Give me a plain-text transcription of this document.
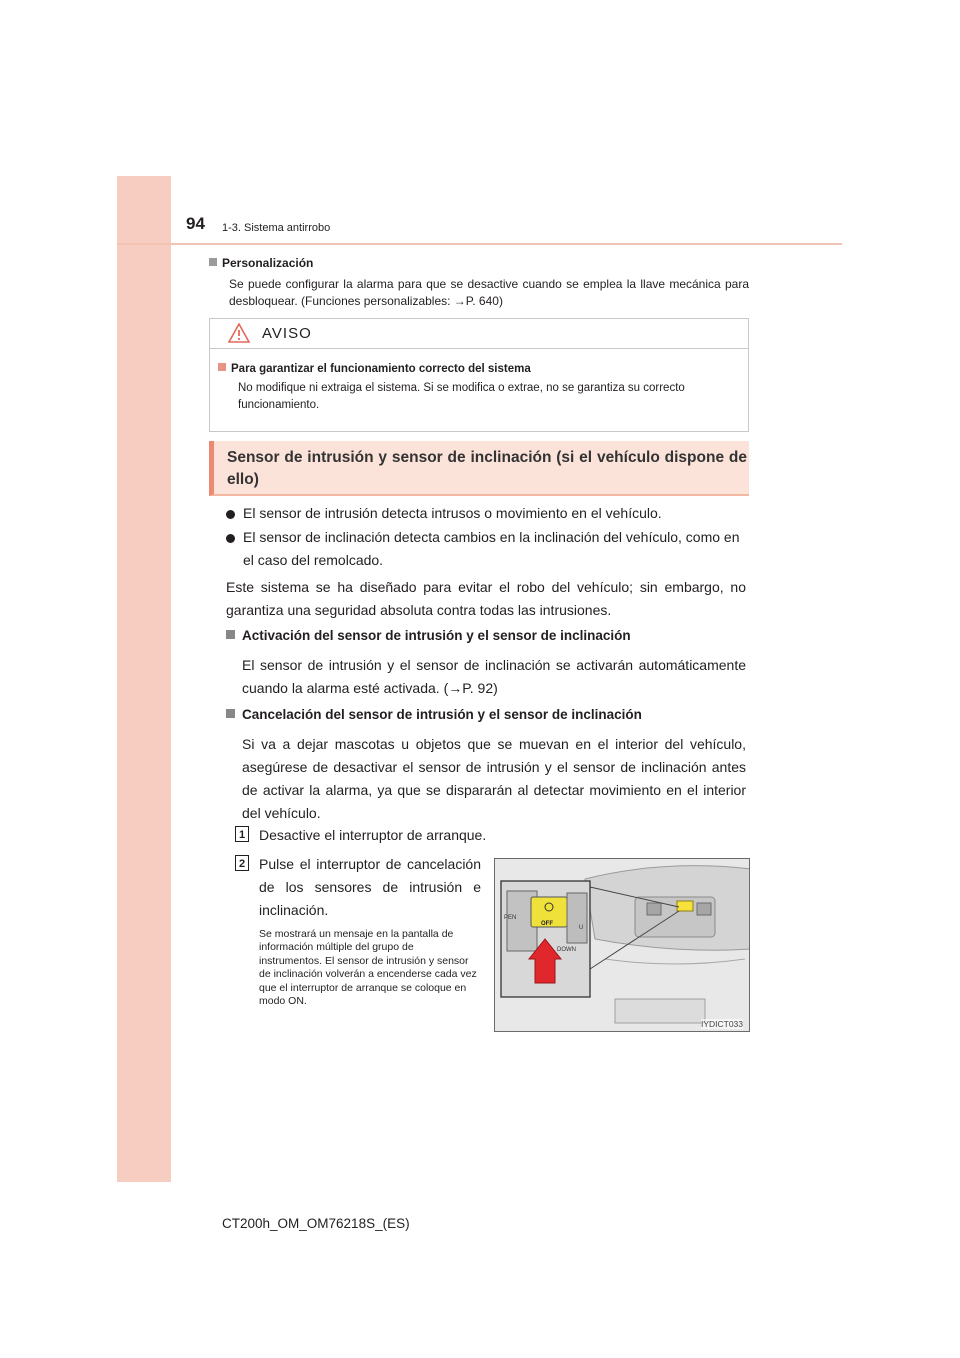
94 1-3. Sistema antirrobo
Personalización
Se puede configurar la alarma para que se desactive cuando se emplea la llave mecánica para desbloquear. (Funciones personalizables: →P. 640)
AVISO
Para garantizar el funcionamiento correcto del sistema
No modifique ni extraiga el sistema. Si se modifica o extrae, no se garantiza su correcto funcionamiento.
Sensor de intrusión y sensor de inclinación (si el vehículo dispone de ello)
El sensor de intrusión detecta intrusos o movimiento en el vehículo.
El sensor de inclinación detecta cambios en la inclinación del vehículo, como en el caso del remolcado.
Este sistema se ha diseñado para evitar el robo del vehículo; sin embargo, no garantiza una seguridad absoluta contra todas las intrusiones.
Activación del sensor de intrusión y el sensor de inclinación
El sensor de intrusión y el sensor de inclinación se activarán automáticamente cuando la alarma esté activada. (→P. 92)
Cancelación del sensor de intrusión y el sensor de inclinación
Si va a dejar mascotas u objetos que se muevan en el interior del vehículo, asegúrese de desactivar el sensor de intrusión y el sensor de inclinación antes de activar la alarma, ya que se dispararán al detectar movimiento en el interior del vehículo.
1 Desactive el interruptor de arranque.
2 Pulse el interruptor de cancelación de los sensores de intrusión e inclinación.
Se mostrará un mensaje en la pantalla de información múltiple del grupo de instrumentos. El sensor de intrusión y sensor de inclinación volverán a encenderse cada vez que el interruptor de arranque se coloque en modo ON.
OFF
PEN
DOWN
U
IYDICT033
CT200h_OM_OM76218S_(ES)
